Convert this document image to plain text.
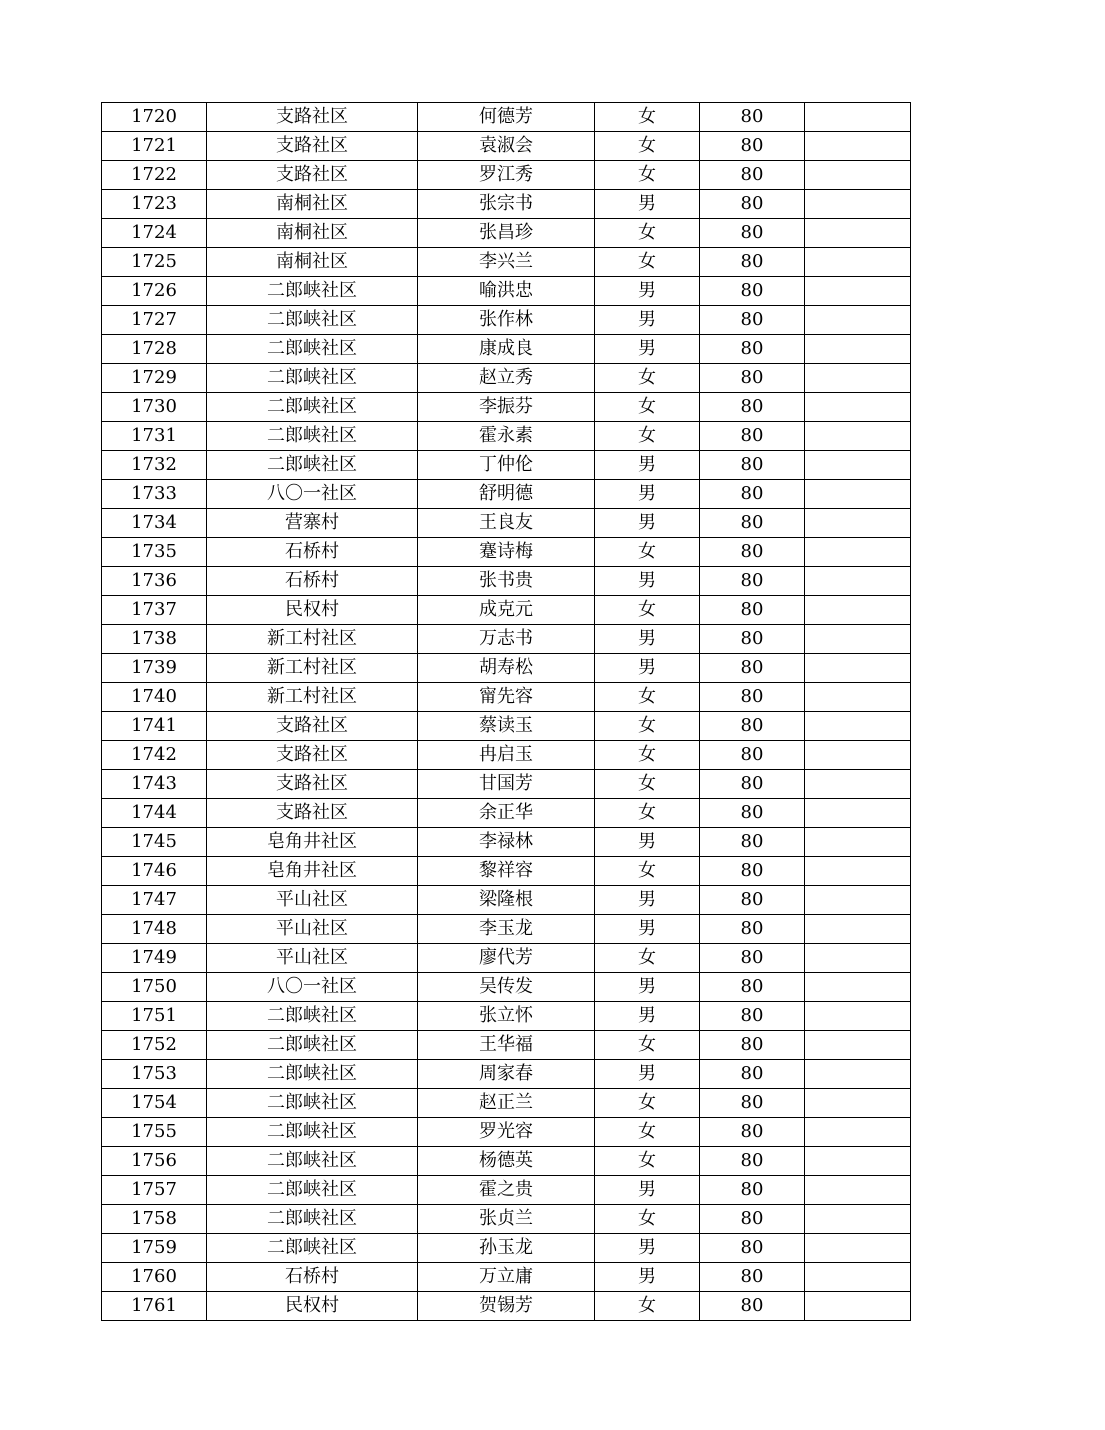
1720	支路社区	何德芳	女	80	
1721	支路社区	袁淑会	女	80	
1722	支路社区	罗江秀	女	80	
1723	南桐社区	张宗书	男	80	
1724	南桐社区	张昌珍	女	80	
1725	南桐社区	李兴兰	女	80	
1726	二郎峡社区	喻洪忠	男	80	
1727	二郎峡社区	张作林	男	80	
1728	二郎峡社区	康成良	男	80	
1729	二郎峡社区	赵立秀	女	80	
1730	二郎峡社区	李振芬	女	80	
1731	二郎峡社区	霍永素	女	80	
1732	二郎峡社区	丁仲伦	男	80	
1733	八〇一社区	舒明德	男	80	
1734	营寨村	王良友	男	80	
1735	石桥村	蹇诗梅	女	80	
1736	石桥村	张书贵	男	80	
1737	民权村	成克元	女	80	
1738	新工村社区	万志书	男	80	
1739	新工村社区	胡寿松	男	80	
1740	新工村社区	甯先容	女	80	
1741	支路社区	蔡读玉	女	80	
1742	支路社区	冉启玉	女	80	
1743	支路社区	甘国芳	女	80	
1744	支路社区	余正华	女	80	
1745	皂角井社区	李禄林	男	80	
1746	皂角井社区	黎祥容	女	80	
1747	平山社区	梁隆根	男	80	
1748	平山社区	李玉龙	男	80	
1749	平山社区	廖代芳	女	80	
1750	八〇一社区	吴传发	男	80	
1751	二郎峡社区	张立怀	男	80	
1752	二郎峡社区	王华福	女	80	
1753	二郎峡社区	周家春	男	80	
1754	二郎峡社区	赵正兰	女	80	
1755	二郎峡社区	罗光容	女	80	
1756	二郎峡社区	杨德英	女	80	
1757	二郎峡社区	霍之贵	男	80	
1758	二郎峡社区	张贞兰	女	80	
1759	二郎峡社区	孙玉龙	男	80	
1760	石桥村	万立庸	男	80	
1761	民权村	贺锡芳	女	80	
